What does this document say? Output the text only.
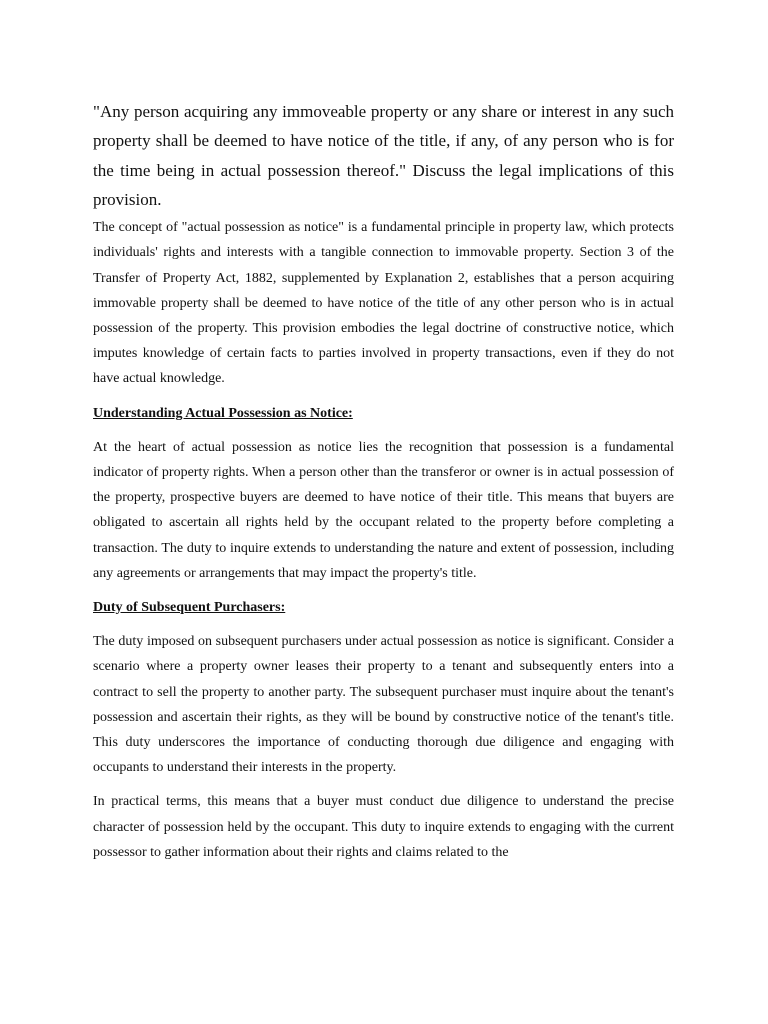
"Any person acquiring any immoveable property or any share or interest in any such property shall be deemed to have notice of the title, if any, of any person who is for the time being in actual possession thereof." Discuss the legal implications of this provision.

The concept of "actual possession as notice" is a fundamental principle in property law, which protects individuals' rights and interests with a tangible connection to immovable property. Section 3 of the Transfer of Property Act, 1882, supplemented by Explanation 2, establishes that a person acquiring immovable property shall be deemed to have notice of the title of any other person who is in actual possession of the property. This provision embodies the legal doctrine of constructive notice, which imputes knowledge of certain facts to parties involved in property transactions, even if they do not have actual knowledge.

Understanding Actual Possession as Notice:

At the heart of actual possession as notice lies the recognition that possession is a fundamental indicator of property rights. When a person other than the transferor or owner is in actual possession of the property, prospective buyers are deemed to have notice of their title. This means that buyers are obligated to ascertain all rights held by the occupant related to the property before completing a transaction. The duty to inquire extends to understanding the nature and extent of possession, including any agreements or arrangements that may impact the property's title.

Duty of Subsequent Purchasers:

The duty imposed on subsequent purchasers under actual possession as notice is significant. Consider a scenario where a property owner leases their property to a tenant and subsequently enters into a contract to sell the property to another party. The subsequent purchaser must inquire about the tenant's possession and ascertain their rights, as they will be bound by constructive notice of the tenant's title. This duty underscores the importance of conducting thorough due diligence and engaging with occupants to understand their interests in the property.

In practical terms, this means that a buyer must conduct due diligence to understand the precise character of possession held by the occupant. This duty to inquire extends to engaging with the current possessor to gather information about their rights and claims related to the
